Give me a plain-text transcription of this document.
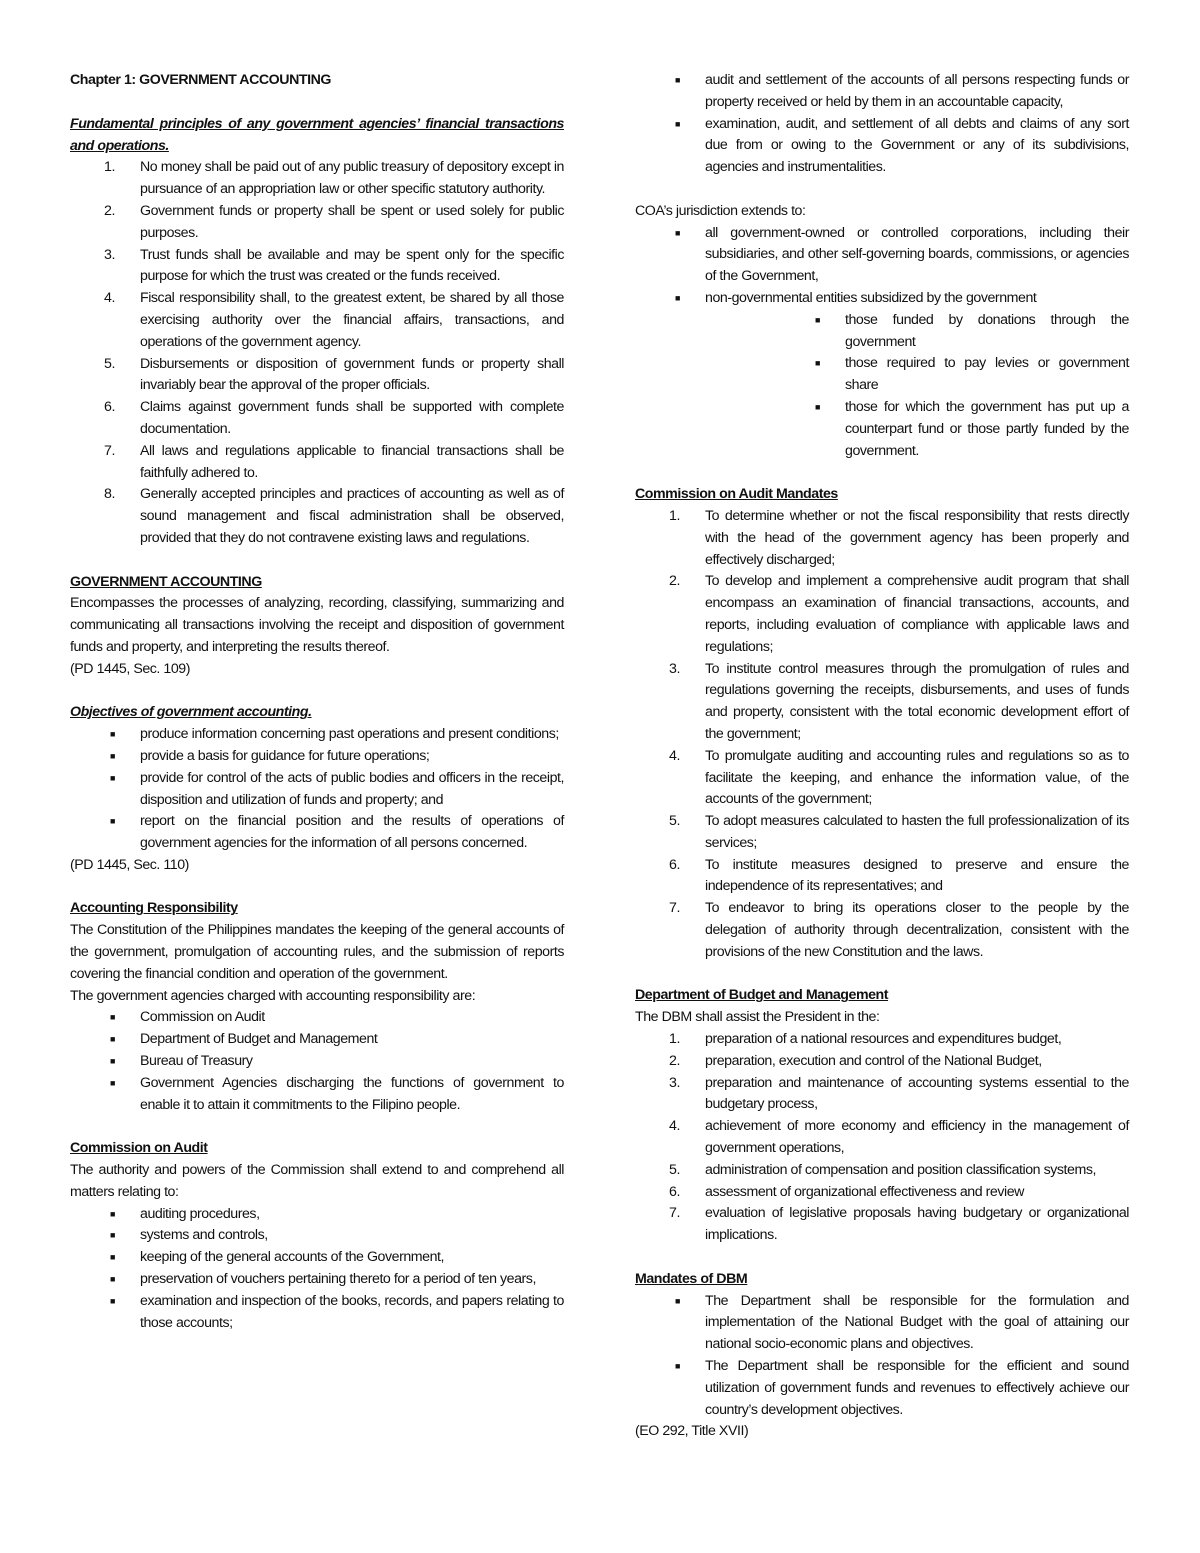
Chapter 1: GOVERNMENT ACCOUNTING

Fundamental principles of any government agencies’ financial transactions and operations.

1. No money shall be paid out of any public treasury of depository except in pursuance of an appropriation law or other specific statutory authority.
2. Government funds or property shall be spent or used solely for public purposes.
3. Trust funds shall be available and may be spent only for the specific purpose for which the trust was created or the funds received.
4. Fiscal responsibility shall, to the greatest extent, be shared by all those exercising authority over the financial affairs, transactions, and operations of the government agency.
5. Disbursements or disposition of government funds or property shall invariably bear the approval of the proper officials.
6. Claims against government funds shall be supported with complete documentation.
7. All laws and regulations applicable to financial transactions shall be faithfully adhered to.
8. Generally accepted principles and practices of accounting as well as of sound management and fiscal administration shall be observed, provided that they do not contravene existing laws and regulations.

GOVERNMENT ACCOUNTING

Encompasses the processes of analyzing, recording, classifying, summarizing and communicating all transactions involving the receipt and disposition of government funds and property, and interpreting the results thereof.

(PD 1445, Sec. 109)

Objectives of government accounting.

■ produce information concerning past operations and present conditions;
■ provide a basis for guidance for future operations;
■ provide for control of the acts of public bodies and officers in the receipt, disposition and utilization of funds and property; and
■ report on the financial position and the results of operations of government agencies for the information of all persons concerned.

(PD 1445, Sec. 110)

Accounting Responsibility

The Constitution of the Philippines mandates the keeping of the general accounts of the government, promulgation of accounting rules, and the submission of reports covering the financial condition and operation of the government.

The government agencies charged with accounting responsibility are:

■ Commission on Audit
■ Department of Budget and Management
■ Bureau of Treasury
■ Government Agencies discharging the functions of government to enable it to attain it commitments to the Filipino people.

Commission on Audit

The authority and powers of the Commission shall extend to and comprehend all matters relating to:

■ auditing procedures,
■ systems and controls,
■ keeping of the general accounts of the Government,
■ preservation of vouchers pertaining thereto for a period of ten years,
■ examination and inspection of the books, records, and papers relating to those accounts;
■ audit and settlement of the accounts of all persons respecting funds or property received or held by them in an accountable capacity,
■ examination, audit, and settlement of all debts and claims of any sort due from or owing to the Government or any of its subdivisions, agencies and instrumentalities.

COA’s jurisdiction extends to:

■ all government-owned or controlled corporations, including their subsidiaries, and other self-governing boards, commissions, or agencies of the Government,
■ non-governmental entities subsidized by the government
■ those funded by donations through the government
■ those required to pay levies or government share
■ those for which the government has put up a counterpart fund or those partly funded by the government.

Commission on Audit Mandates

1. To determine whether or not the fiscal responsibility that rests directly with the head of the government agency has been properly and effectively discharged;
2. To develop and implement a comprehensive audit program that shall encompass an examination of financial transactions, accounts, and reports, including evaluation of compliance with applicable laws and regulations;
3. To institute control measures through the promulgation of rules and regulations governing the receipts, disbursements, and uses of funds and property, consistent with the total economic development effort of the government;
4. To promulgate auditing and accounting rules and regulations so as to facilitate the keeping, and enhance the information value, of the accounts of the government;
5. To adopt measures calculated to hasten the full professionalization of its services;
6. To institute measures designed to preserve and ensure the independence of its representatives; and
7. To endeavor to bring its operations closer to the people by the delegation of authority through decentralization, consistent with the provisions of the new Constitution and the laws.

Department of Budget and Management

The DBM shall assist the President in the:

1. preparation of a national resources and expenditures budget,
2. preparation, execution and control of the National Budget,
3. preparation and maintenance of accounting systems essential to the budgetary process,
4. achievement of more economy and efficiency in the management of government operations,
5. administration of compensation and position classification systems,
6. assessment of organizational effectiveness and review
7. evaluation of legislative proposals having budgetary or organizational implications.

Mandates of DBM

■ The Department shall be responsible for the formulation and implementation of the National Budget with the goal of attaining our national socio-economic plans and objectives.
■ The Department shall be responsible for the efficient and sound utilization of government funds and revenues to effectively achieve our country’s development objectives.

(EO 292, Title XVII)
